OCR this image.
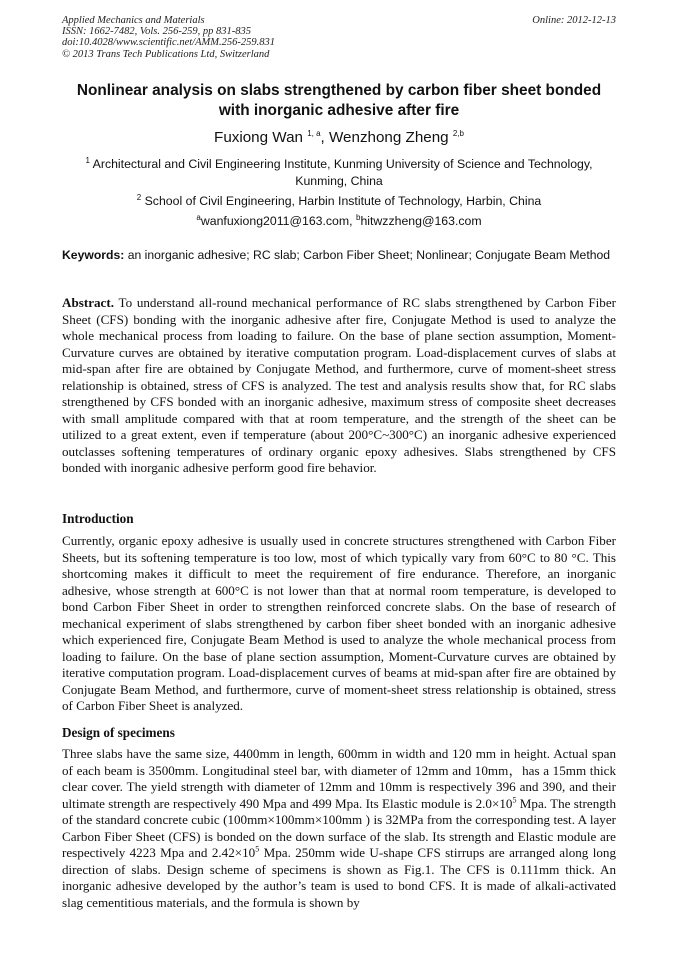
Applied Mechanics and Materials
ISSN: 1662-7482, Vols. 256-259, pp 831-835
doi:10.4028/www.scientific.net/AMM.256-259.831
© 2013 Trans Tech Publications Ltd, Switzerland
Online: 2012-12-13
Nonlinear analysis on slabs strengthened by carbon fiber sheet bonded with inorganic adhesive after fire
Fuxiong Wan $^{1, a}$, Wenzhong Zheng $^{2,b}$
$^1$ Architectural and Civil Engineering Institute, Kunming University of Science and Technology, Kunming, China
$^2$ School of Civil Engineering, Harbin Institute of Technology, Harbin, China
$^a$wanfuxiong2011@163.com, $^b$hitwzzheng@163.com
Keywords: an inorganic adhesive; RC slab; Carbon Fiber Sheet; Nonlinear; Conjugate Beam Method
Abstract. To understand all-round mechanical performance of RC slabs strengthened by Carbon Fiber Sheet (CFS) bonding with the inorganic adhesive after fire, Conjugate Method is used to analyze the whole mechanical process from loading to failure. On the base of plane section assumption, Moment- Curvature curves are obtained by iterative computation program. Load-displacement curves of slabs at mid-span after fire are obtained by Conjugate Method, and furthermore, curve of moment-sheet stress relationship is obtained, stress of CFS is analyzed. The test and analysis results show that, for RC slabs strengthened by CFS bonded with an inorganic adhesive, maximum stress of composite sheet decreases with small amplitude compared with that at room temperature, and the strength of the sheet can be utilized to a great extent, even if temperature (about 200°C~300°C) an inorganic adhesive experienced outclasses softening temperatures of ordinary organic epoxy adhesives. Slabs strengthened by CFS bonded with inorganic adhesive perform good fire behavior.
Introduction
Currently, organic epoxy adhesive is usually used in concrete structures strengthened with Carbon Fiber Sheets, but its softening temperature is too low, most of which typically vary from 60°C to 80 °C. This shortcoming makes it difficult to meet the requirement of fire endurance. Therefore, an inorganic adhesive, whose strength at 600°C is not lower than that at normal room temperature, is developed to bond Carbon Fiber Sheet in order to strengthen reinforced concrete slabs. On the base of research of mechanical experiment of slabs strengthened by carbon fiber sheet bonded with an inorganic adhesive which experienced fire, Conjugate Beam Method is used to analyze the whole mechanical process from loading to failure. On the base of plane section assumption, Moment-Curvature curves are obtained by iterative computation program. Load-displacement curves of beams at mid-span after fire are obtained by Conjugate Beam Method, and furthermore, curve of moment-sheet stress relationship is obtained, stress of Carbon Fiber Sheet is analyzed.
Design of specimens
Three slabs have the same size, 4400mm in length, 600mm in width and 120 mm in height. Actual span of each beam is 3500mm. Longitudinal steel bar, with diameter of 12mm and 10mm，has a 15mm thick clear cover. The yield strength with diameter of 12mm and 10mm is respectively 396 and 390, and their ultimate strength are respectively 490 Mpa and 499 Mpa. Its Elastic module is $2.0\times 10^5$ Mpa. The strength of the standard concrete cubic (100mm×100mm×100mm ) is 32MPa from the corresponding test. A layer Carbon Fiber Sheet (CFS) is bonded on the down surface of the slab. Its strength and Elastic module are respectively 4223 Mpa and $2.42\times 10^5$ Mpa. 250mm wide U-shape CFS stirrups are arranged along long direction of slabs. Design scheme of specimens is shown as Fig.1. The CFS is 0.111mm thick. An inorganic adhesive developed by the author’s team is used to bond CFS. It is made of alkali-activated slag cementitious materials, and the formula is shown by
